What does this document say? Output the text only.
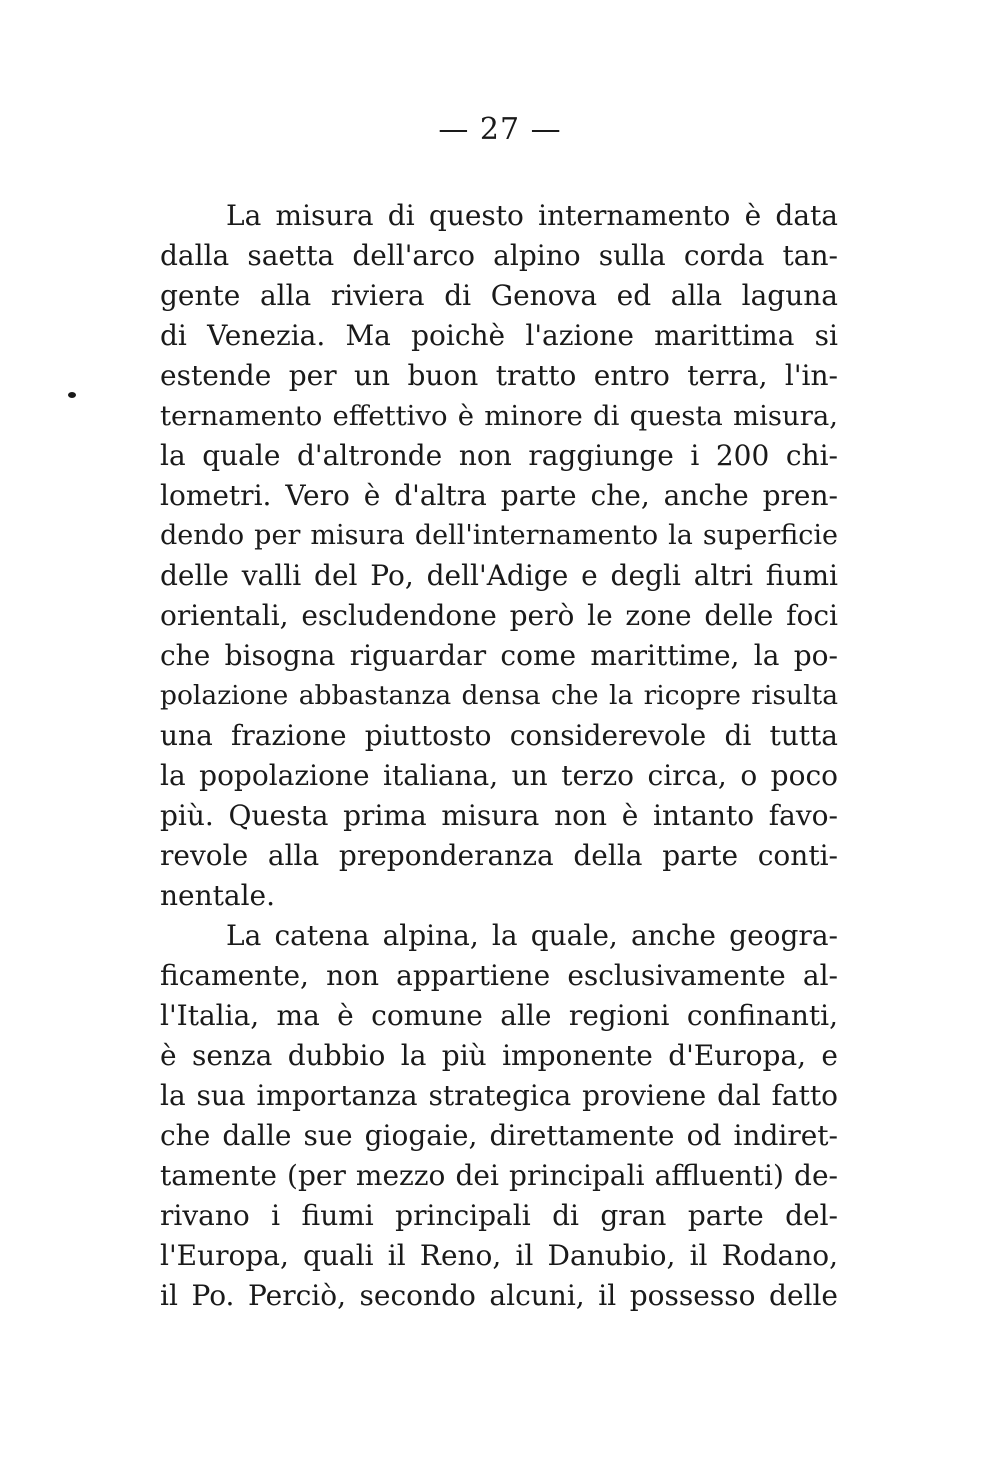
— 27 —
La misura di questo internamento è data
dalla saetta dell'arco alpino sulla corda tan-
gente alla riviera di Genova ed alla laguna
di Venezia. Ma poichè l'azione marittima si
estende per un buon tratto entro terra, l'in-
ternamento effettivo è minore di questa misura,
la quale d'altronde non raggiunge i 200 chi-
lometri. Vero è d'altra parte che, anche pren-
dendo per misura dell'internamento la superficie
delle valli del Po, dell'Adige e degli altri fiumi
orientali, escludendone però le zone delle foci
che bisogna riguardar come marittime, la po-
polazione abbastanza densa che la ricopre risulta
una frazione piuttosto considerevole di tutta
la popolazione italiana, un terzo circa, o poco
più. Questa prima misura non è intanto favo-
revole alla preponderanza della parte conti-
nentale.
La catena alpina, la quale, anche geogra-
ficamente, non appartiene esclusivamente al-
l'Italia, ma è comune alle regioni confinanti,
è senza dubbio la più imponente d'Europa, e
la sua importanza strategica proviene dal fatto
che dalle sue giogaie, direttamente od indiret-
tamente (per mezzo dei principali affluenti) de-
rivano i fiumi principali di gran parte del-
l'Europa, quali il Reno, il Danubio, il Rodano,
il Po. Perciò, secondo alcuni, il possesso delle
